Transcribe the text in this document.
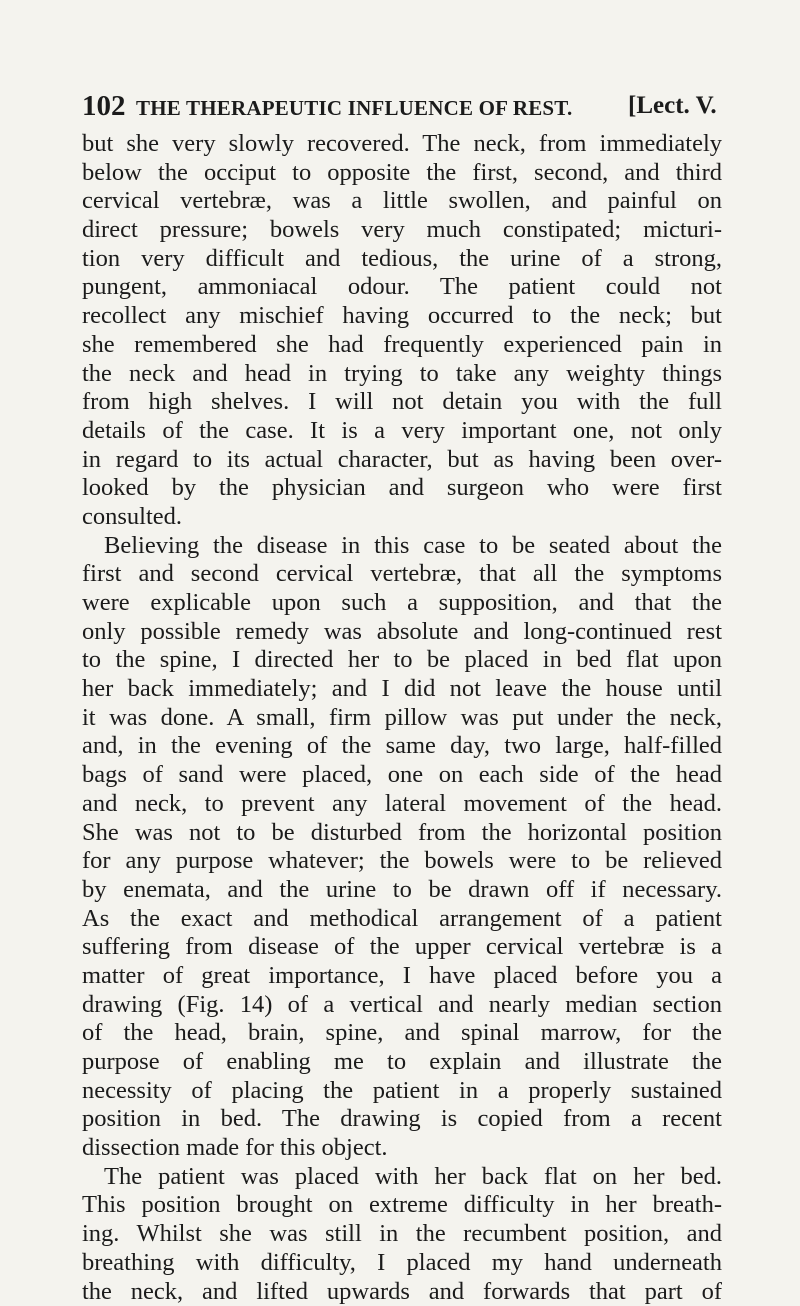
102 THE THERAPEUTIC INFLUENCE OF REST. [Lect. V.
but she very slowly recovered. The neck, from immediately
below the occiput to opposite the first, second, and third
cervical vertebræ, was a little swollen, and painful on
direct pressure; bowels very much constipated; micturi-
tion very difficult and tedious, the urine of a strong,
pungent, ammoniacal odour. The patient could not
recollect any mischief having occurred to the neck; but
she remembered she had frequently experienced pain in
the neck and head in trying to take any weighty things
from high shelves. I will not detain you with the full
details of the case. It is a very important one, not only
in regard to its actual character, but as having been over-
looked by the physician and surgeon who were first
consulted.
Believing the disease in this case to be seated about the
first and second cervical vertebræ, that all the symptoms
were explicable upon such a supposition, and that the
only possible remedy was absolute and long-continued rest
to the spine, I directed her to be placed in bed flat upon
her back immediately; and I did not leave the house until
it was done. A small, firm pillow was put under the neck,
and, in the evening of the same day, two large, half-filled
bags of sand were placed, one on each side of the head
and neck, to prevent any lateral movement of the head.
She was not to be disturbed from the horizontal position
for any purpose whatever; the bowels were to be relieved
by enemata, and the urine to be drawn off if necessary.
As the exact and methodical arrangement of a patient
suffering from disease of the upper cervical vertebræ is a
matter of great importance, I have placed before you a
drawing (Fig. 14) of a vertical and nearly median section
of the head, brain, spine, and spinal marrow, for the
purpose of enabling me to explain and illustrate the
necessity of placing the patient in a properly sustained
position in bed. The drawing is copied from a recent
dissection made for this object.
The patient was placed with her back flat on her bed.
This position brought on extreme difficulty in her breath-
ing. Whilst she was still in the recumbent position, and
breathing with difficulty, I placed my hand underneath
the neck, and lifted upwards and forwards that part of
